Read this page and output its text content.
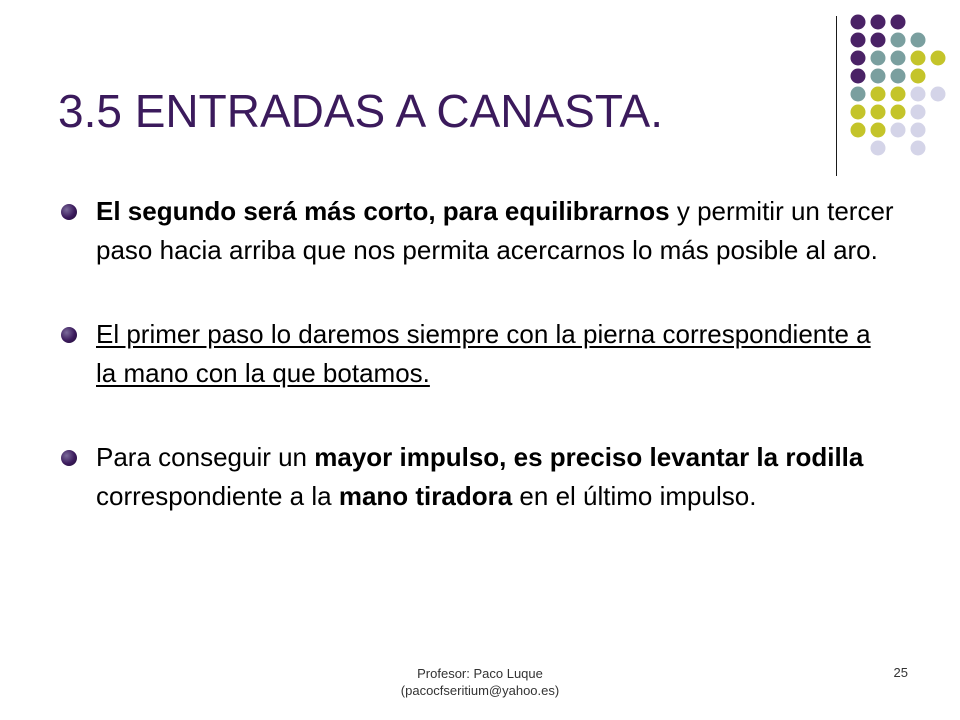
3.5 ENTRADAS A CANASTA.
El segundo será más corto, para equilibrarnos y permitir un tercer paso hacia arriba que nos permita acercarnos lo más posible al aro.
El primer paso lo daremos siempre con la pierna correspondiente a la mano con la que botamos.
Para conseguir un mayor impulso, es preciso levantar la rodilla correspondiente a la mano tiradora en el último impulso.
Profesor: Paco Luque
(pacocfseritium@yahoo.es)
25
